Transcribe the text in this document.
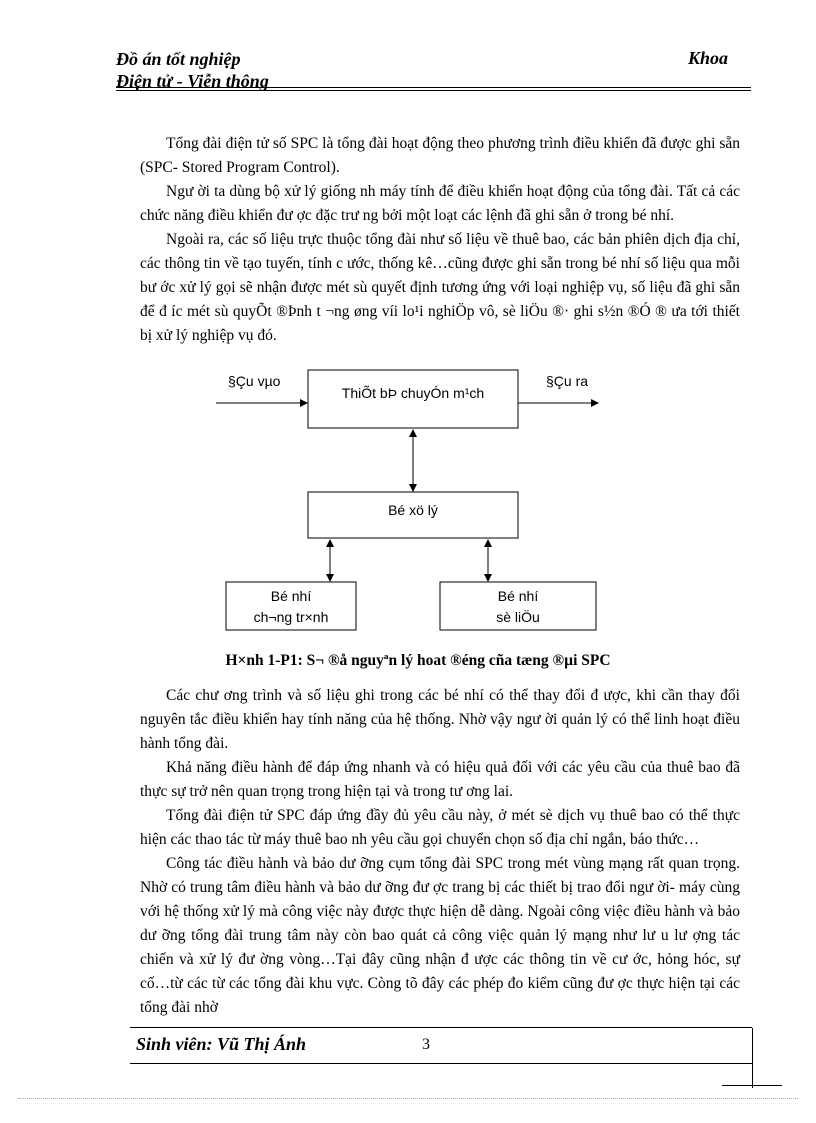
Đồ án tốt nghiệp
Điện tử - Viễn thông
Khoa

Tổng đài điện tử số SPC là tổng đài hoạt động theo phương trình điều khiển đã được ghi sẵn (SPC- Stored Program Control).

Ngư ời ta dùng bộ xử lý giống nh máy tính để điều khiển hoạt động của tổng đài. Tất cả các chức năng điều khiển đư ợc đặc trư ng bởi một loạt các lệnh đã ghi sẵn ở trong bé nhí.

Ngoài ra, các số liệu trực thuộc tổng đài như số liệu về thuê bao, các bản phiên dịch địa chỉ, các thông tin về tạo tuyến, tính c ước, thống kê…cũng được ghi sẵn trong bé nhí số liệu qua mỗi bư ớc xử lý gọi sẽ nhận được mét sù quyết định tương ứng với loại nghiệp vụ, số liệu đã ghi sẵn để đ íc mét sù quyÕt ®Þnh t ¬ng øng víi lo¹i nghiÖp vô, sè liÖu ®· ghi s½n ®Ó ® ưa tới thiết bị xử lý nghiệp vụ đó.

§Çu vµo
ThiÕt bÞ chuyÓn m¹ch
§Çu ra
Bé xö lý
Bé nhí
ch¬ng tr×nh
Bé nhí
sè liÖu
H×nh 1-P1: S¬ ®å nguyªn lý hoat ®éng cña tæng ®µi SPC

Các chư ơng trình và số liệu ghi trong các bé nhí có thể thay đổi đ ược, khi cần thay đổi nguyên tắc điều khiển hay tính năng của hệ thống. Nhờ vậy ngư ời quản lý có thể linh hoạt điều hành tổng đài.

Khả năng điều hành để đáp ứng nhanh và có hiệu quả đối với các yêu cầu của thuê bao đã thực sự trở nên quan trọng trong hiện tại và trong tư ơng lai.

Tổng đài điện tử SPC đáp ứng đầy đủ yêu cầu này, ở mét sè dịch vụ thuê bao có thể thực hiện các thao tác từ máy thuê bao nh yêu cầu gọi chuyển chọn số địa chỉ ngắn, báo thức…

Công tác điều hành và bảo dư ỡng cụm tổng đài SPC trong mét vùng mạng rất quan trọng. Nhờ có trung tâm điều hành và bảo dư ỡng đư ợc trang bị các thiết bị trao đổi ngư ời- máy cùng với hệ thống xử lý mà công việc này được thực hiện dễ dàng. Ngoài công việc điều hành và bảo dư ỡng tổng đài trung tâm này còn bao quát cả công việc quản lý mạng như lư u lư ợng tác chiến và xử lý đư ờng vòng…Tại đây cũng nhận đ ược các thông tin về cư ớc, hỏng hóc, sự cố…từ các từ các tổng đài khu vực. Còng tõ đây các phép đo kiểm cũng đư ợc thực hiện tại các tổng đài nhờ

Sinh viên: Vũ Thị Ánh	3
